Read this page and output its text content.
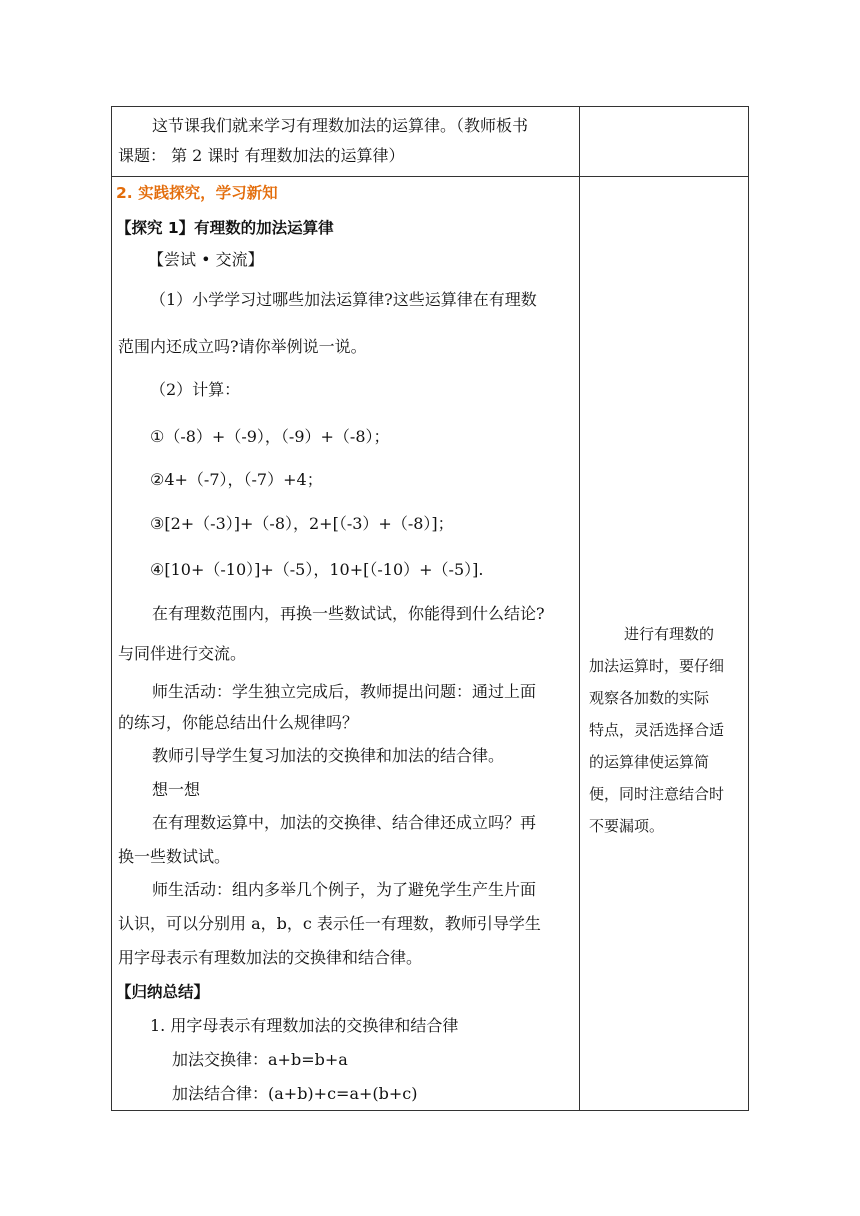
这节课我们就来学习有理数加法的运算律。（教师板书
课题： 第 2 课时 有理数加法的运算律）
2. 实践探究，学习新知
【探究 1】有理数的加法运算律
【尝试 • 交流】
（1）小学学习过哪些加法运算律?这些运算律在有理数
范围内还成立吗?请你举例说一说。
（2）计算：
①（-8）+（-9），（-9）+（-8）；
②4+（-7），（-7）+4；
③[2+（-3）]+（-8），2+[（-3）+（-8）]；
④[10+（-10）]+（-5），10+[（-10）+（-5）].
在有理数范围内，再换一些数试试，你能得到什么结论?
与同伴进行交流。
师生活动：学生独立完成后，教师提出问题：通过上面
的练习，你能总结出什么规律吗？
教师引导学生复习加法的交换律和加法的结合律。
想一想
在有理数运算中，加法的交换律、结合律还成立吗？再
换一些数试试。
师生活动：组内多举几个例子，为了避免学生产生片面
认识，可以分别用 a，b，c 表示任一有理数，教师引导学生
用字母表示有理数加法的交换律和结合律。
【归纳总结】
1. 用字母表示有理数加法的交换律和结合律
加法交换律：a+b=b+a
加法结合律：(a+b)+c=a+(b+c)
进行有理数的
加法运算时，要仔细
观察各加数的实际
特点，灵活选择合适
的运算律使运算简
便，同时注意结合时
不要漏项。
